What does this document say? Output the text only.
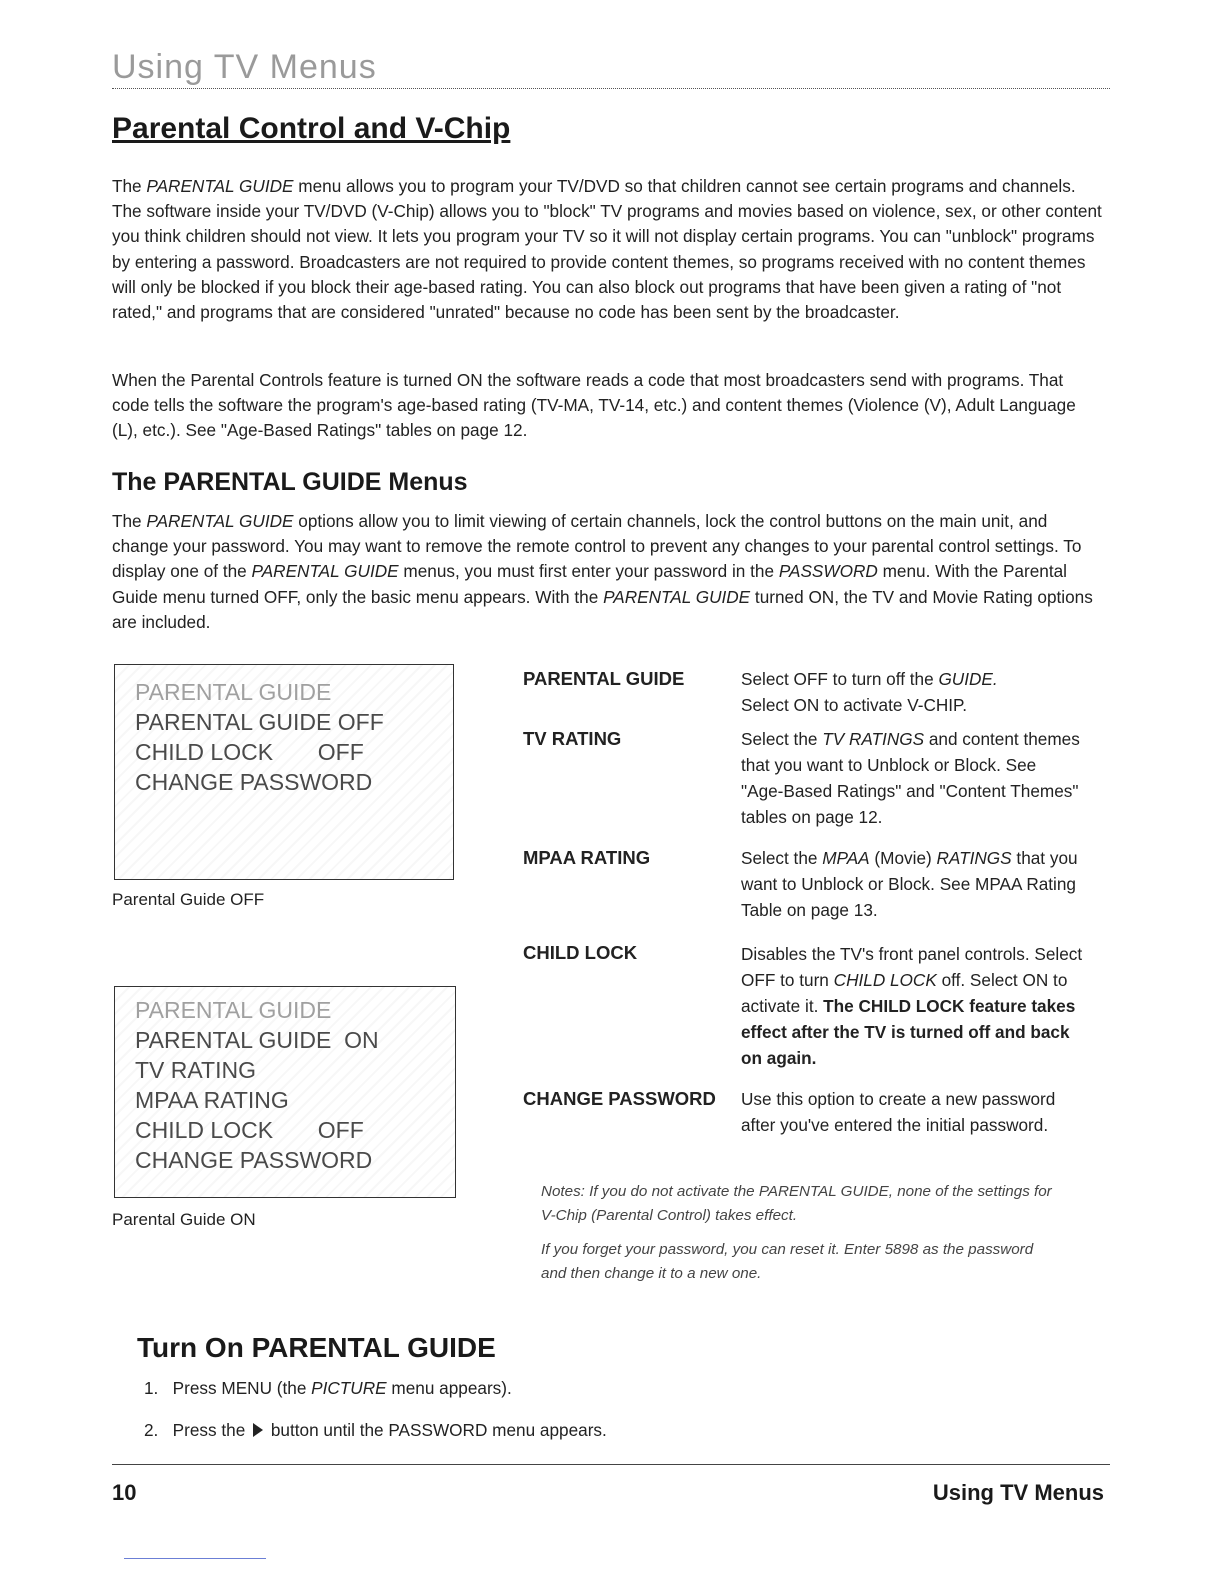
Using TV Menus
Parental Control and V-Chip
The PARENTAL GUIDE menu allows you to program your TV/DVD so that children cannot see certain programs and channels. The software inside your TV/DVD (V-Chip) allows you to "block" TV programs and movies based on violence, sex, or other content you think children should not view. It lets you program your TV so it will not display certain programs. You can "unblock" programs by entering a password. Broadcasters are not required to provide content themes, so programs received with no content themes will only be blocked if you block their age-based rating. You can also block out programs that have been given a rating of "not rated," and programs that are considered "unrated" because no code has been sent by the broadcaster.
When the Parental Controls feature is turned ON the software reads a code that most broadcasters send with programs. That code tells the software the program's age-based rating (TV-MA, TV-14, etc.) and content themes (Violence (V), Adult Language (L), etc.). See "Age-Based Ratings" tables on page 12.
The PARENTAL GUIDE Menus
The PARENTAL GUIDE options allow you to limit viewing of certain channels, lock the control buttons on the main unit, and change your password. You may want to remove the remote control to prevent any changes to your parental control settings. To display one of the PARENTAL GUIDE menus, you must first enter your password in the PASSWORD menu. With the Parental Guide menu turned OFF, only the basic menu appears. With the PARENTAL GUIDE turned ON, the TV and Movie Rating options are included.
PARENTAL GUIDE
PARENTAL GUIDE OFF
CHILD LOCK       OFF
CHANGE PASSWORD
Parental Guide OFF
PARENTAL GUIDE
PARENTAL GUIDE  ON
TV RATING
MPAA RATING
CHILD LOCK       OFF
CHANGE PASSWORD
Parental Guide ON
PARENTAL GUIDE	Select OFF to turn off the GUIDE.
Select ON to activate V-CHIP.
TV RATING	Select the TV RATINGS and content themes that you want to Unblock or Block. See "Age-Based Ratings" and "Content Themes" tables on page 12.
MPAA RATING	Select the MPAA (Movie) RATINGS that you want to Unblock or Block. See MPAA Rating Table on page 13.
CHILD LOCK	Disables the TV's front panel controls. Select OFF to turn CHILD LOCK off. Select ON to activate it. The CHILD LOCK feature takes effect after the TV is turned off and back on again.
CHANGE PASSWORD Use this option to create a new password after you've entered the initial password.
Notes: If you do not activate the PARENTAL GUIDE, none of the settings for V-Chip (Parental Control) takes effect.
If you forget your password, you can reset it. Enter 5898 as the password and then change it to a new one.
Turn On PARENTAL GUIDE
1. Press MENU (the PICTURE menu appears).
2. Press the  button until the PASSWORD menu appears.
10	Using TV Menus
